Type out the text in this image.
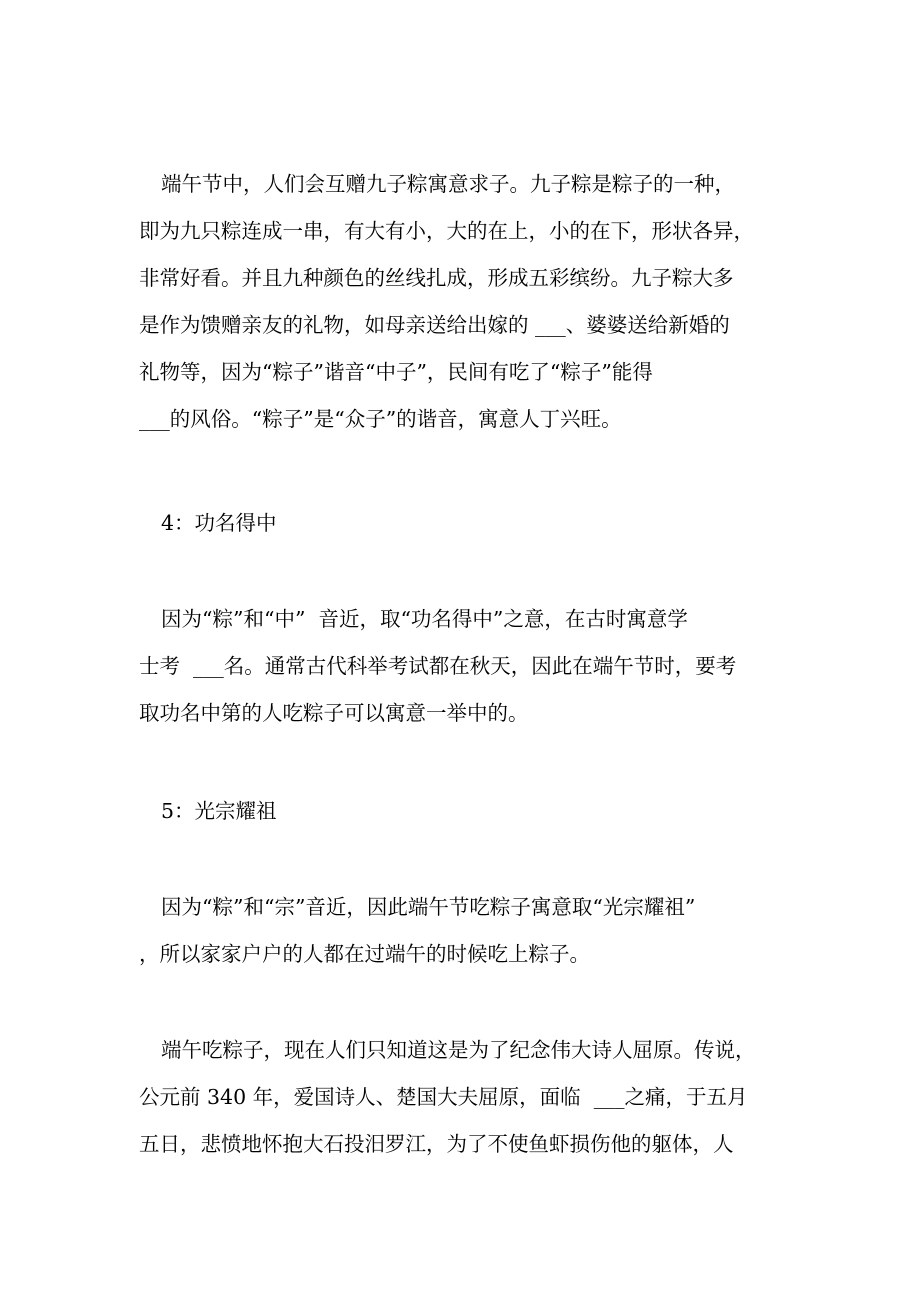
端午节中，人们会互赠九子粽寓意求子。九子粽是粽子的一种，
即为九只粽连成一串，有大有小，大的在上，小的在下，形状各异，
非常好看。并且九种颜色的丝线扎成，形成五彩缤纷。九子粽大多
是作为馈赠亲友的礼物，如母亲送给出嫁的 ___、婆婆送给新婚的
礼物等，因为“粽子”谐音“中子”，民间有吃了“粽子”能得
___的风俗。“粽子”是“众子”的谐音，寓意人丁兴旺。
4：功名得中
因为“粽”和“中”  音近，取“功名得中”之意，在古时寓意学
士考  ___名。通常古代科举考试都在秋天，因此在端午节时，要考
取功名中第的人吃粽子可以寓意一举中的。
5：光宗耀祖
因为“粽”和“宗”音近，因此端午节吃粽子寓意取“光宗耀祖”
，所以家家户户的人都在过端午的时候吃上粽子。
端午吃粽子，现在人们只知道这是为了纪念伟大诗人屈原。传说，
公元前 340 年，爱国诗人、楚国大夫屈原，面临  ___之痛，于五月
五日，悲愤地怀抱大石投汨罗江，为了不使鱼虾损伤他的躯体，人
